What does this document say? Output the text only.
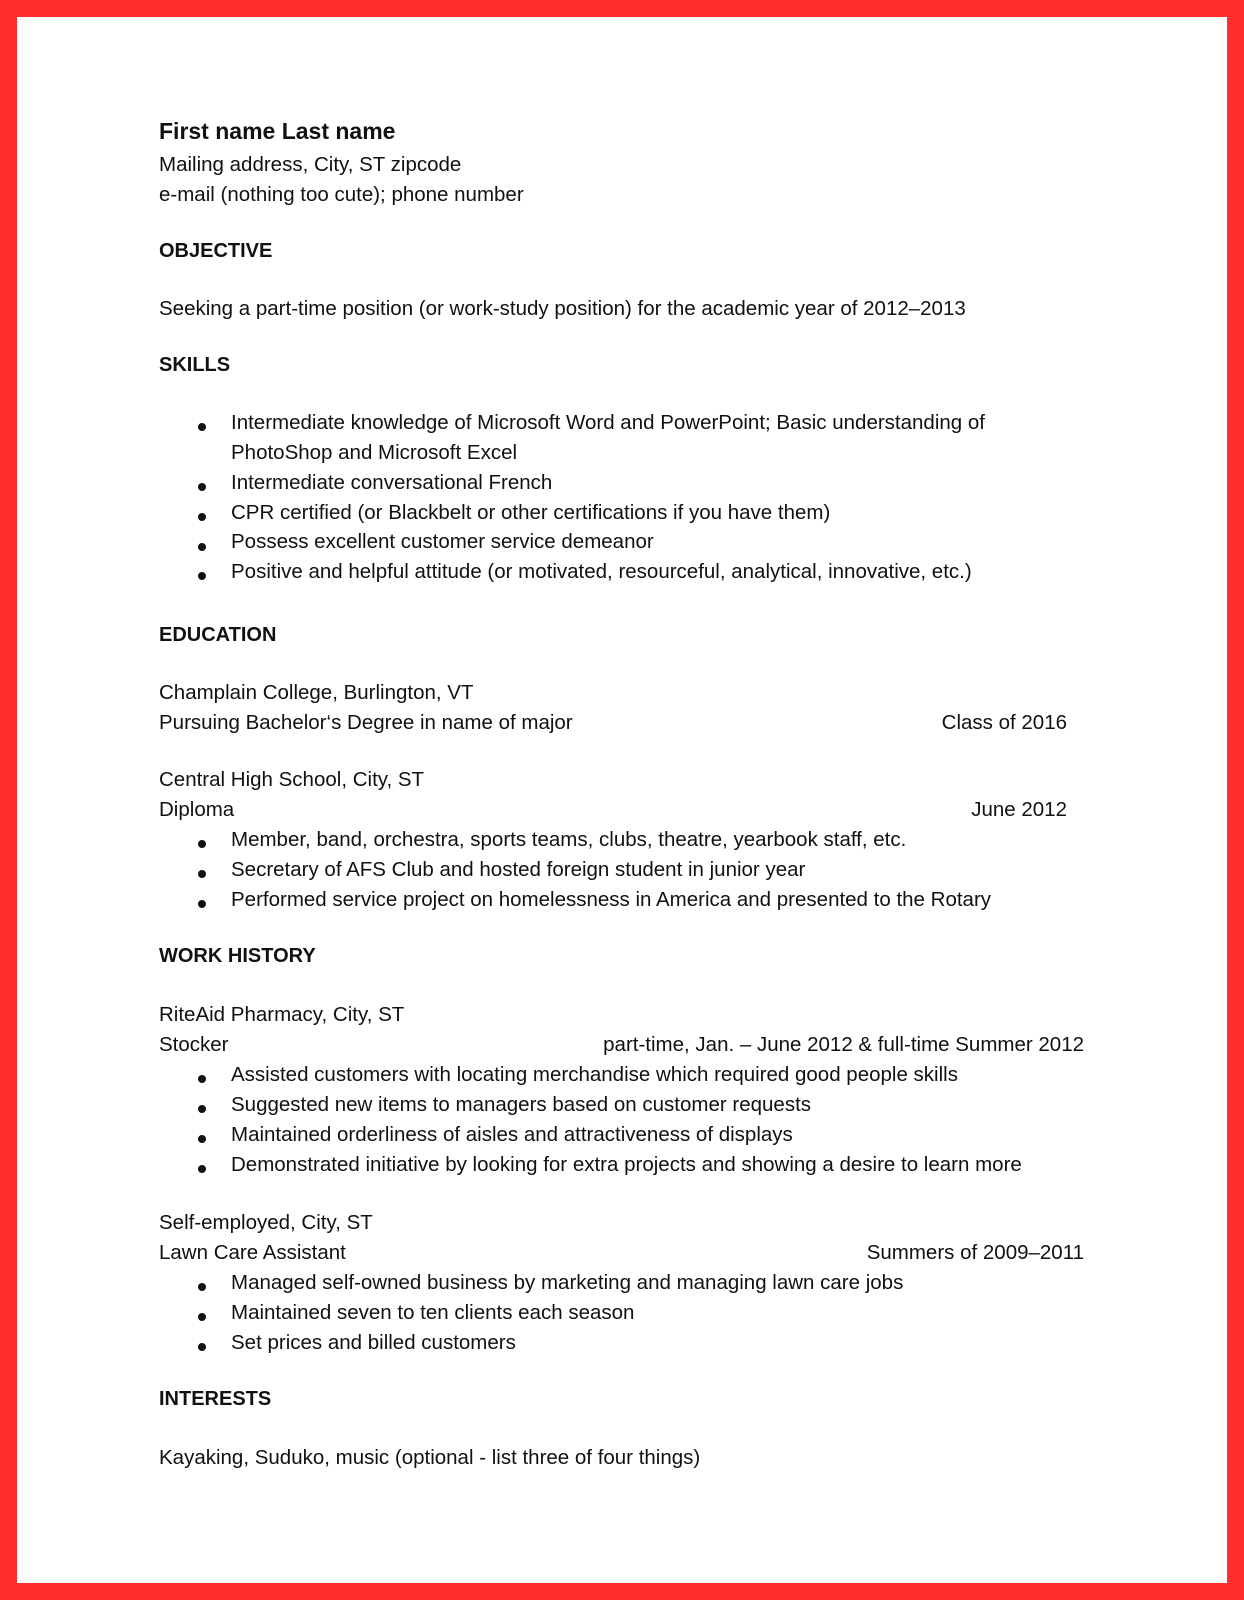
First name Last name
Mailing address, City, ST zipcode
e-mail (nothing too cute); phone number
OBJECTIVE
Seeking a part-time position (or work-study position) for the academic year of 2012–2013
SKILLS
Intermediate knowledge of Microsoft Word and PowerPoint; Basic understanding of
PhotoShop and Microsoft Excel
Intermediate conversational French
CPR certified (or Blackbelt or other certifications if you have them)
Possess excellent customer service demeanor
Positive and helpful attitude (or motivated, resourceful, analytical, innovative, etc.)
EDUCATION
Champlain College, Burlington, VT
Pursuing Bachelor‘s Degree in name of major	Class of 2016
Central High School, City, ST
Diploma	June 2012
Member, band, orchestra, sports teams, clubs, theatre, yearbook staff, etc.
Secretary of AFS Club and hosted foreign student in junior year
Performed service project on homelessness in America and presented to the Rotary
WORK HISTORY
RiteAid Pharmacy, City, ST
Stocker	part-time, Jan. – June 2012 & full-time Summer 2012
Assisted customers with locating merchandise which required good people skills
Suggested new items to managers based on customer requests
Maintained orderliness of aisles and attractiveness of displays
Demonstrated initiative by looking for extra projects and showing a desire to learn more
Self-employed, City, ST
Lawn Care Assistant	Summers of 2009–2011
Managed self-owned business by marketing and managing lawn care jobs
Maintained seven to ten clients each season
Set prices and billed customers
INTERESTS
Kayaking, Suduko, music (optional - list three of four things)
